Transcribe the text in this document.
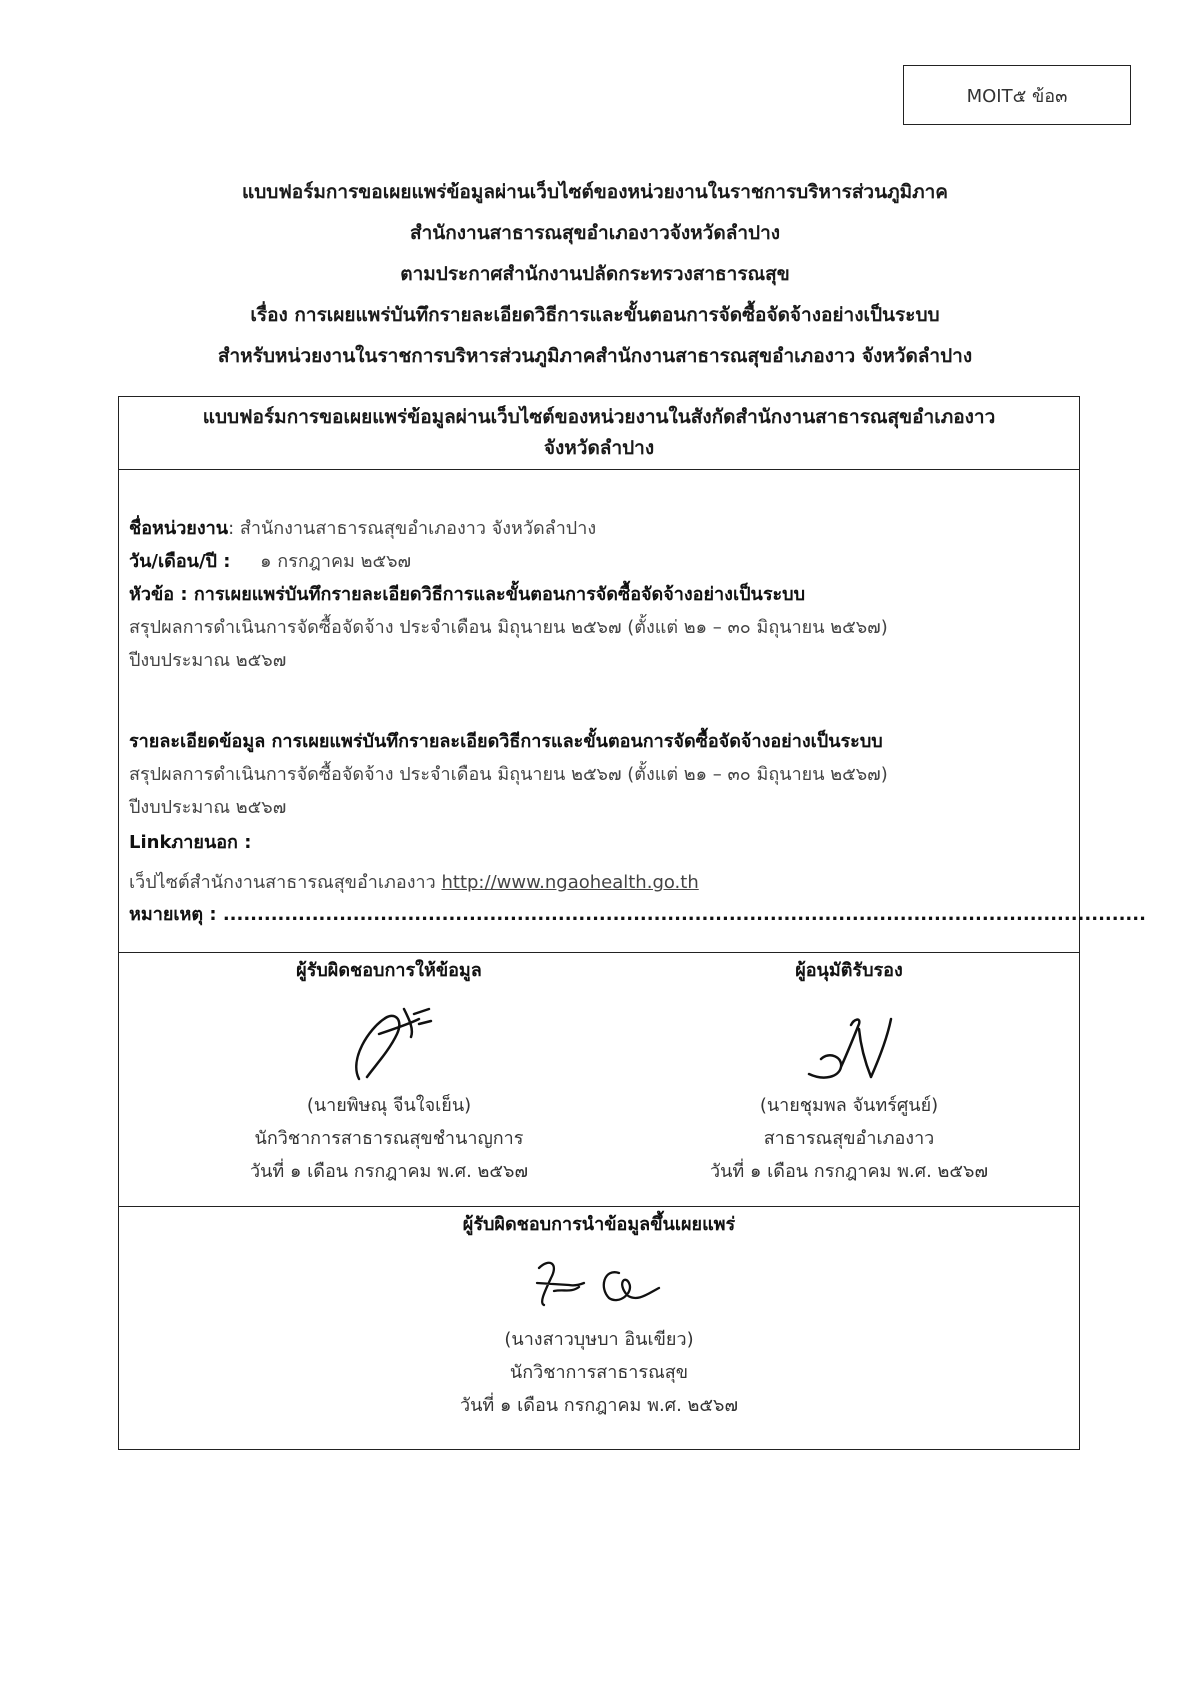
MOIT๕ ข้อ๓
แบบฟอร์มการขอเผยแพร่ข้อมูลผ่านเว็บไซต์ของหน่วยงานในราชการบริหารส่วนภูมิภาค
สำนักงานสาธารณสุขอำเภองาวจังหวัดลำปาง
ตามประกาศสำนักงานปลัดกระทรวงสาธารณสุข
เรื่อง การเผยแพร่บันทึกรายละเอียดวิธีการและขั้นตอนการจัดซื้อจัดจ้างอย่างเป็นระบบ
สำหรับหน่วยงานในราชการบริหารส่วนภูมิภาคสำนักงานสาธารณสุขอำเภองาว จังหวัดลำปาง
แบบฟอร์มการขอเผยแพร่ข้อมูลผ่านเว็บไซต์ของหน่วยงานในสังกัดสำนักงานสาธารณสุขอำเภองาว
จังหวัดลำปาง
ชื่อหน่วยงาน: สำนักงานสาธารณสุขอำเภองาว จังหวัดลำปาง
วัน/เดือน/ปี : ๑ กรกฎาคม ๒๕๖๗
หัวข้อ : การเผยแพร่บันทึกรายละเอียดวิธีการและขั้นตอนการจัดซื้อจัดจ้างอย่างเป็นระบบ
สรุปผลการดำเนินการจัดซื้อจัดจ้าง ประจำเดือน มิถุนายน ๒๕๖๗ (ตั้งแต่ ๒๑ – ๓๐ มิถุนายน ๒๕๖๗)
ปีงบประมาณ ๒๕๖๗
รายละเอียดข้อมูล การเผยแพร่บันทึกรายละเอียดวิธีการและขั้นตอนการจัดซื้อจัดจ้างอย่างเป็นระบบ
สรุปผลการดำเนินการจัดซื้อจัดจ้าง ประจำเดือน มิถุนายน ๒๕๖๗ (ตั้งแต่ ๒๑ – ๓๐ มิถุนายน ๒๕๖๗)
ปีงบประมาณ ๒๕๖๗
Linkภายนอก :
เว็ปไซต์สำนักงานสาธารณสุขอำเภองาว http://www.ngaohealth.go.th
หมายเหตุ : .......................................................................................................................................
ผู้รับผิดชอบการให้ข้อมูล
(นายพิษณุ จีนใจเย็น)
นักวิชาการสาธารณสุขชำนาญการ
วันที่ ๑ เดือน กรกฎาคม พ.ศ. ๒๕๖๗
ผู้อนุมัติรับรอง
(นายชุมพล จันทร์ศูนย์)
สาธารณสุขอำเภองาว
วันที่ ๑ เดือน กรกฎาคม พ.ศ. ๒๕๖๗
ผู้รับผิดชอบการนำข้อมูลขึ้นเผยแพร่
(นางสาวบุษบา อินเขียว)
นักวิชาการสาธารณสุข
วันที่ ๑ เดือน กรกฎาคม พ.ศ. ๒๕๖๗
